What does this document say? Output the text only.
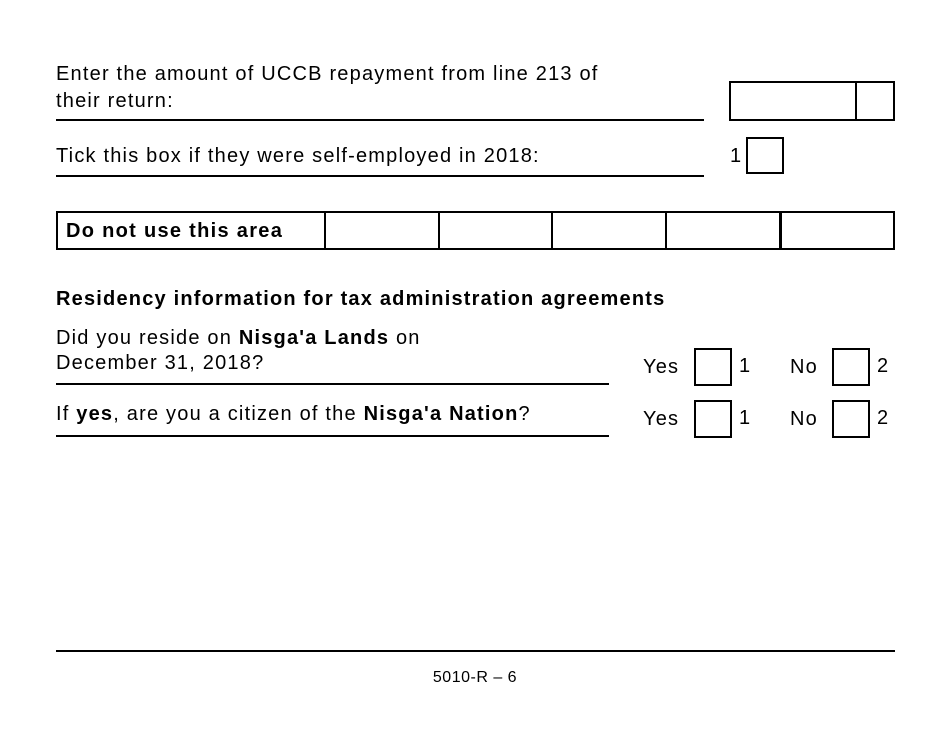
Enter the amount of UCCB repayment from line 213 of
their return:
Tick this box if they were self-employed in 2018:	1
Do not use this area
Residency information for tax administration agreements
Did you reside on Nisga'a Lands on
December 31, 2018?	Yes	1 No	2
If yes, are you a citizen of the Nisga'a Nation?	Yes	1 No	2
5010-R – 6
